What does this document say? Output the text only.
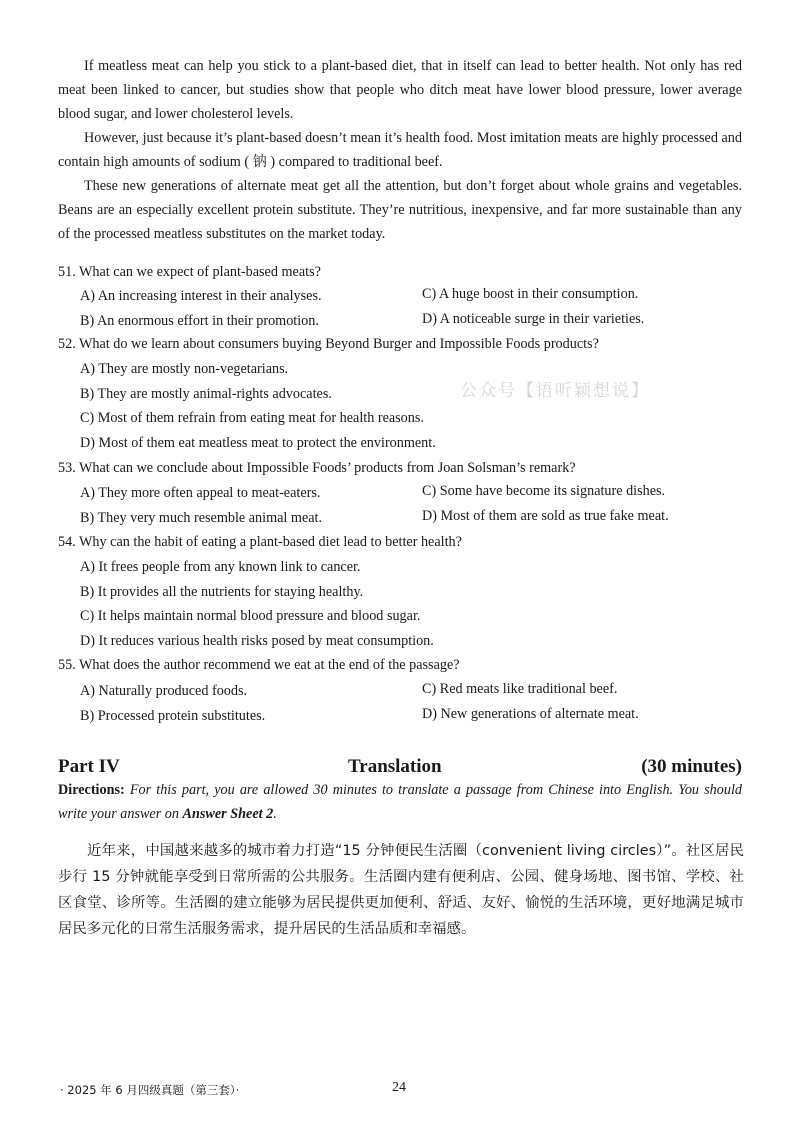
If meatless meat can help you stick to a plant-based diet, that in itself can lead to better health. Not only has red meat been linked to cancer, but studies show that people who ditch meat have lower blood pressure, lower average blood sugar, and lower cholesterol levels.

However, just because it’s plant-based doesn’t mean it’s health food. Most imitation meats are highly processed and contain high amounts of sodium ( 钠 ) compared to traditional beef.

These new generations of alternate meat get all the attention, but don’t forget about whole grains and vegetables. Beans are an especially excellent protein substitute. They’re nutritious, inexpensive, and far more sustainable than any of the processed meatless substitutes on the market today.

51. What can we expect of plant-based meats?
A) An increasing interest in their analyses.	C) A huge boost in their consumption.
B) An enormous effort in their promotion.	D) A noticeable surge in their varieties.
52. What do we learn about consumers buying Beyond Burger and Impossible Foods products?
A) They are mostly non-vegetarians.
B) They are mostly animal-rights advocates.
C) Most of them refrain from eating meat for health reasons.
D) Most of them eat meatless meat to protect the environment.
公众号【语听颖想说】
53. What can we conclude about Impossible Foods’ products from Joan Solsman’s remark?
A) They more often appeal to meat-eaters.	C) Some have become its signature dishes.
B) They very much resemble animal meat.	D) Most of them are sold as true fake meat.
54. Why can the habit of eating a plant-based diet lead to better health?
A) It frees people from any known link to cancer.
B) It provides all the nutrients for staying healthy.
C) It helps maintain normal blood pressure and blood sugar.
D) It reduces various health risks posed by meat consumption.
55. What does the author recommend we eat at the end of the passage?
A) Naturally produced foods.	C) Red meats like traditional beef.
B) Processed protein substitutes.	D) New generations of alternate meat.
Part IV	Translation	(30 minutes)
Directions: For this part, you are allowed 30 minutes to translate a passage from Chinese into English. You should write your answer on Answer Sheet 2.

近年来，中国越来越多的城市着力打造“15 分钟便民生活圈（convenient living circles）”。社区居民步行 15 分钟就能享受到日常所需的公共服务。生活圈内建有便利店、公园、健身场地、图书馆、学校、社区食堂、诊所等。生活圈的建立能够为居民提供更加便利、舒适、友好、愉悦的生活环境，更好地满足城市居民多元化的日常生活服务需求，提升居民的生活品质和幸福感。

· 2025 年 6 月四级真题（第三套）·	24
